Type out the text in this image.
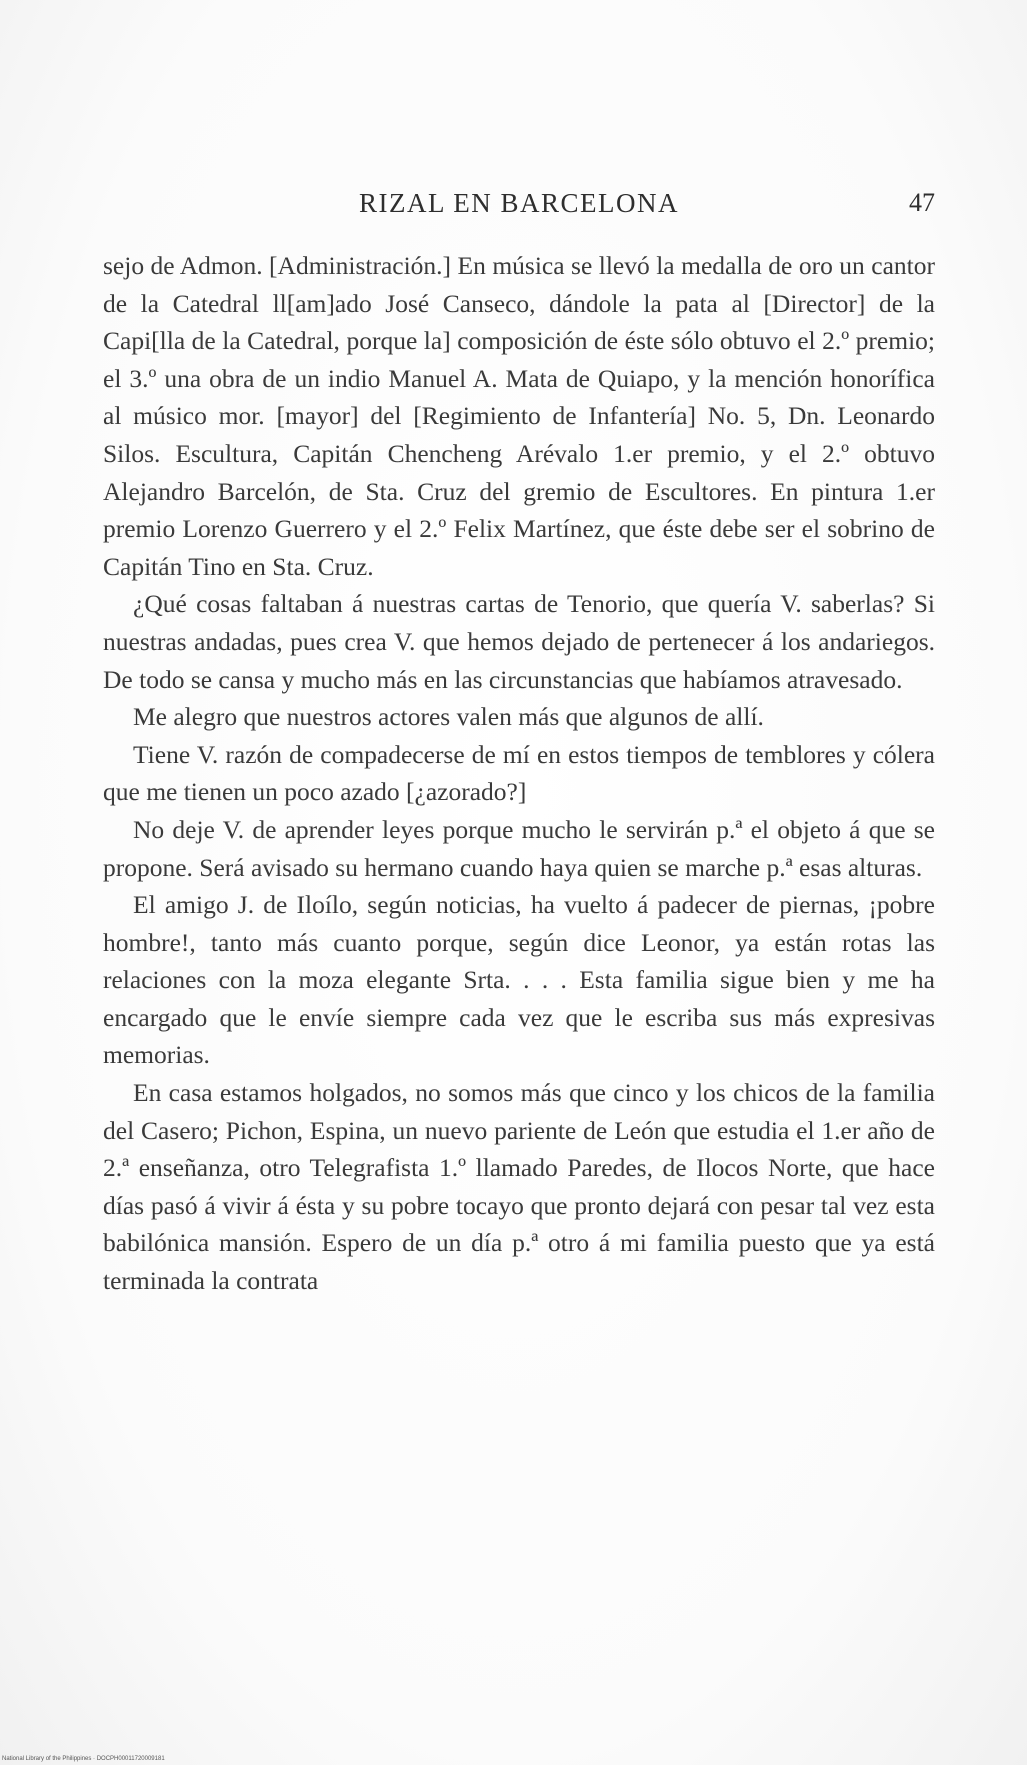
RIZAL EN BARCELONA	47

sejo de Admon. [Administración.] En música se llevó la medalla de oro un cantor de la Catedral ll[am]ado José Canseco, dándole la pata al [Director] de la Capi[lla de la Catedral, porque la] composición de éste sólo obtuvo el 2.º premio; el 3.º una obra de un indio Manuel A. Mata de Quiapo, y la mención honorífica al músico mor. [mayor] del [Regimiento de Infantería] No. 5, Dn. Leonardo Silos. Escultura, Capitán Chencheng Arévalo 1.er premio, y el 2.º obtuvo Alejandro Barcelón, de Sta. Cruz del gremio de Escultores. En pintura 1.er premio Lorenzo Guerrero y el 2.º Felix Martínez, que éste debe ser el sobrino de Capitán Tino en Sta. Cruz.

¿Qué cosas faltaban á nuestras cartas de Tenorio, que quería V. saberlas? Si nuestras andadas, pues crea V. que hemos dejado de pertenecer á los andariegos. De todo se cansa y mucho más en las circunstancias que habíamos atravesado.

Me alegro que nuestros actores valen más que algunos de allí.

Tiene V. razón de compadecerse de mí en estos tiempos de temblores y cólera que me tienen un poco azado [¿azorado?]

No deje V. de aprender leyes porque mucho le servirán p.ª el objeto á que se propone. Será avisado su hermano cuando haya quien se marche p.ª esas alturas.

El amigo J. de Iloílo, según noticias, ha vuelto á padecer de piernas, ¡pobre hombre!, tanto más cuanto porque, según dice Leonor, ya están rotas las relaciones con la moza elegante Srta. . . . Esta familia sigue bien y me ha encargado que le envíe siempre cada vez que le escriba sus más expresivas memorias.

En casa estamos holgados, no somos más que cinco y los chicos de la familia del Casero; Pichon, Espina, un nuevo pariente de León que estudia el 1.er año de 2.ª enseñanza, otro Telegrafista 1.º llamado Paredes, de Ilocos Norte, que hace días pasó á vivir á ésta y su pobre tocayo que pronto dejará con pesar tal vez esta babilónica mansión. Espero de un día p.ª otro á mi familia puesto que ya está terminada la contrata

National Library of the Philippines · DOCPH00011720009181
